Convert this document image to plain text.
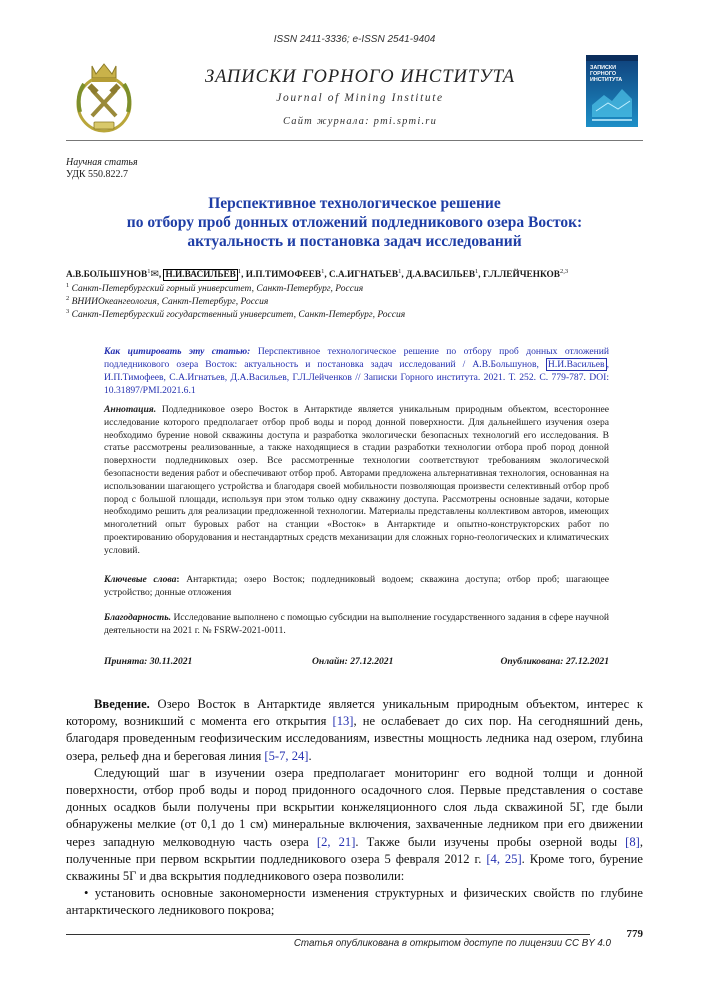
ISSN 2411-3336; e-ISSN 2541-9404
ЗАПИСКИ ГОРНОГО ИНСТИТУТА
ЗАПИСКИ ГОРНОГО ИНСТИТУТА
Journal of Mining Institute
Сайт журнала: pmi.spmi.ru
Научная статья
УДК 550.822.7
Перспективное технологическое решение
по отбору проб донных отложений подледникового озера Восток:
актуальность и постановка задач исследований
А.В.БОЛЬШУНОВ$^1$✉, Н.И.ВАСИЛЬЕВ $^1$, И.П.ТИМОФЕЕВ$^1$, С.А.ИГНАТЬЕВ$^1$, Д.А.ВАСИЛЬЕВ$^1$, Г.Л.ЛЕЙЧЕНКОВ$^{2,3}$
$^1$ Санкт-Петербургский горный университет, Санкт-Петербург, Россия
$^2$ ВНИИОкеангеология, Санкт-Петербург, Россия
$^3$ Санкт-Петербургский государственный университет, Санкт-Петербург, Россия
Как цитировать эту статью: Перспективное технологическое решение по отбору проб донных отложений подледникового озера Восток: актуальность и постановка задач исследований / А.В.Большунов, Н.И.Васильев , И.П.Тимофеев, С.А.Игнатьев, Д.А.Васильев, Г.Л.Лейченков // Записки Горного института. 2021. Т. 252. С. 779-787. DOI: 10.31897/PMI.2021.6.1
Аннотация. Подледниковое озеро Восток в Антарктиде является уникальным природным объектом, всестороннее исследование которого предполагает отбор проб воды и пород донной поверхности. Для дальнейшего изучения озера необходимо бурение новой скважины доступа и разработка экологически безопасных технологий его исследования. В статье рассмотрены реализованные, а также находящиеся в стадии разработки технологии отбора проб пород донной поверхности подледниковых озер. Все рассмотренные технологии соответствуют требованиям экологической безопасности ведения работ и обеспечивают отбор проб. Авторами предложена альтернативная технология, основанная на использовании шагающего устройства и благодаря своей мобильности позволяющая произвести селективный отбор проб пород с большой площади, используя при этом только одну скважину доступа. Рассмотрены основные задачи, которые необходимо решить для реализации предложенной технологии. Материалы представлены коллективом авторов, имеющих многолетний опыт буровых работ на станции «Восток» в Антарктиде и опытно-конструкторских работ по проектированию оборудования и нестандартных средств механизации для сложных горно-геологических и климатических условий.
Ключевые слова: Антарктида; озеро Восток; подледниковый водоем; скважина доступа; отбор проб; шагающее устройство; донные отложения
Благодарность. Исследование выполнено с помощью субсидии на выполнение государственного задания в сфере научной деятельности на 2021 г. № FSRW-2021-0011.
Принята: 30.11.2021	Онлайн: 27.12.2021	Опубликована: 27.12.2021

Введение. Озеро Восток в Антарктиде является уникальным природным объектом, интерес к которому, возникший с момента его открытия [13], не ослабевает до сих пор. На сегодняшний день, благодаря проведенным геофизическим исследованиям, известны мощность ледника над озером, глубина озера, рельеф дна и береговая линия [5-7, 24].

Следующий шаг в изучении озера предполагает мониторинг его водной толщи и донной поверхности, отбор проб воды и пород придонного осадочного слоя. Первые представления о составе донных осадков были получены при вскрытии конжеляционного слоя льда скважиной 5Г, где были обнаружены мелкие (от 0,1 до 1 см) минеральные включения, захваченные ледником при его движении через западную мелководную часть озера [2, 21]. Также были изучены пробы озерной воды [8], полученные при первом вскрытии подледникового озера 5 февраля 2012 г. [4, 25]. Кроме того, бурение скважины 5Г и два вскрытия подледникового озера позволили:

• установить основные закономерности изменения структурных и физических свойств по глубине антарктического ледникового покрова;

779
Статья опубликована в открытом доступе по лицензии CC BY 4.0
